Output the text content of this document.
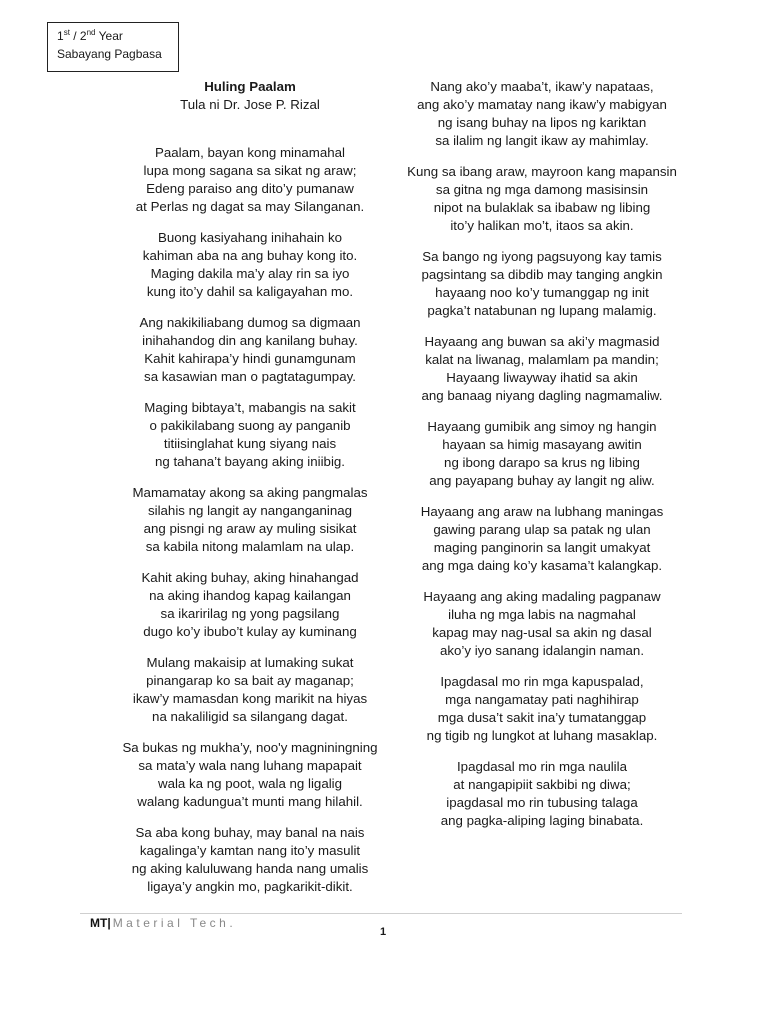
1st / 2nd Year
Sabayang Pagbasa
Huling Paalam
Tula ni Dr. Jose P. Rizal
Paalam, bayan kong minamahal
lupa mong sagana sa sikat ng araw;
Edeng paraiso ang dito’y pumanaw
at Perlas ng dagat sa may Silanganan.
Buong kasiyahang inihahain ko
kahiman aba na ang buhay kong ito.
Maging dakila ma’y alay rin sa iyo
kung ito’y dahil sa kaligayahan mo.
Ang nakikiliabang dumog sa digmaan
inihahandog din ang kanilang buhay.
Kahit kahirapa’y hindi gunamgunam
sa kasawian man o pagtatagumpay.
Maging bibtaya’t, mabangis na sakit
o pakikilabang suong ay panganib
titiisinglahat kung siyang nais
ng tahana’t bayang aking iniibig.
Mamamatay akong sa aking pangmalas
silahis ng langit ay nanganganinag
ang pisngi ng araw ay muling sisikat
sa kabila nitong malamlam na ulap.
Kahit aking buhay, aking hinahangad
na aking ihandog kapag kailangan
sa ikaririlag ng yong pagsilang
dugo ko’y ibubo’t kulay ay kuminang
Mulang makaisip at lumaking sukat
pinangarap ko sa bait ay maganap;
ikaw’y mamasdan kong marikit na hiyas
na nakaliligid sa silangang dagat.
Sa bukas ng mukha’y, noo'y magniningning
sa mata’y wala nang luhang mapapait
wala ka ng poot, wala ng ligalig
walang kadungua’t munti mang hilahil.
Sa aba kong buhay, may banal na nais
kagalinga’y kamtan nang ito’y masulit
ng aking kaluluwang handa nang umalis
ligaya’y angkin mo, pagkarikit-dikit.
Nang ako’y maaba’t, ikaw’y napataas,
ang ako’y mamatay nang ikaw’y mabigyan
ng isang buhay na lipos ng kariktan
sa ilalim ng langit ikaw ay mahimlay.
Kung sa ibang araw, mayroon kang mapansin
sa gitna ng mga damong masisinsin
nipot na bulaklak sa ibabaw ng libing
ito’y halikan mo’t, itaos sa akin.
Sa bango ng iyong pagsuyong kay tamis
pagsintang sa dibdib may tanging angkin
hayaang noo ko’y tumanggap ng init
pagka’t natabunan ng lupang malamig.
Hayaang ang buwan sa aki’y magmasid
kalat na liwanag, malamlam pa mandin;
Hayaang liwayway ihatid sa akin
ang banaag niyang dagling nagmamaliw.
Hayaang gumibik ang simoy ng hangin
hayaan sa himig masayang awitin
ng ibong darapo sa krus ng libing
ang payapang buhay ay langit ng aliw.
Hayaang ang araw na lubhang maningas
gawing parang ulap sa patak ng ulan
maging panginorin sa langit umakyat
ang mga daing ko’y kasama’t kalangkap.
Hayaang ang aking madaling pagpanaw
iluha ng mga labis na nagmahal
kapag may nag-usal sa akin ng dasal
ako’y iyo sanang idalangin naman.
Ipagdasal mo rin mga kapuspalad,
mga nangamatay pati naghihirap
mga dusa’t sakit ina’y tumatanggap
ng tigib ng lungkot at luhang masaklap.
Ipagdasal mo rin mga naulila
at nangapipiit sakbibi ng diwa;
ipagdasal mo rin tubusing talaga
ang pagka-aliping laging binabata.
MT| Material Tech.
1
